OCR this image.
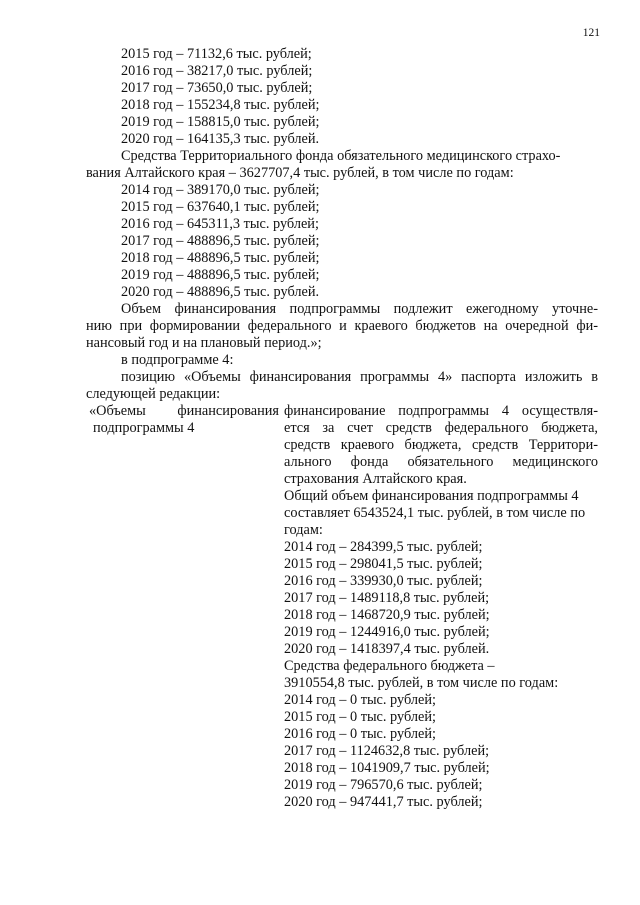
121
2015 год – 71132,6 тыс. рублей;
2016 год – 38217,0 тыс. рублей;
2017 год – 73650,0 тыс. рублей;
2018 год – 155234,8 тыс. рублей;
2019 год – 158815,0 тыс. рублей;
2020 год – 164135,3 тыс. рублей.
Средства Территориального фонда обязательного медицинского страхо-
вания Алтайского края – 3627707,4 тыс. рублей, в том числе по годам:
2014 год – 389170,0 тыс. рублей;
2015 год – 637640,1 тыс. рублей;
2016 год – 645311,3 тыс. рублей;
2017 год – 488896,5 тыс. рублей;
2018 год – 488896,5 тыс. рублей;
2019 год – 488896,5 тыс. рублей;
2020 год – 488896,5 тыс. рублей.
Объем финансирования подпрограммы подлежит ежегодному уточне-
нию при формировании федерального и краевого бюджетов на очередной фи-
нансовый год и на плановый период.»;
в подпрограмме 4:
позицию «Объемы финансирования программы 4» паспорта изложить в
следующей редакции:
«Объемы финансирования
подпрограммы 4
финансирование подпрограммы 4 осуществля-
ется за счет средств федерального бюджета,
средств краевого бюджета, средств Территори-
ального фонда обязательного медицинского
страхования Алтайского края.
Общий объем финансирования подпрограммы 4
составляет 6543524,1 тыс. рублей, в том числе по
годам:
2014 год – 284399,5 тыс. рублей;
2015 год – 298041,5 тыс. рублей;
2016 год – 339930,0 тыс. рублей;
2017 год – 1489118,8 тыс. рублей;
2018 год – 1468720,9 тыс. рублей;
2019 год – 1244916,0 тыс. рублей;
2020 год – 1418397,4 тыс. рублей.
Средства федерального бюджета –
3910554,8 тыс. рублей, в том числе по годам:
2014 год – 0 тыс. рублей;
2015 год – 0 тыс. рублей;
2016 год – 0 тыс. рублей;
2017 год – 1124632,8 тыс. рублей;
2018 год – 1041909,7 тыс. рублей;
2019 год – 796570,6 тыс. рублей;
2020 год – 947441,7 тыс. рублей;
